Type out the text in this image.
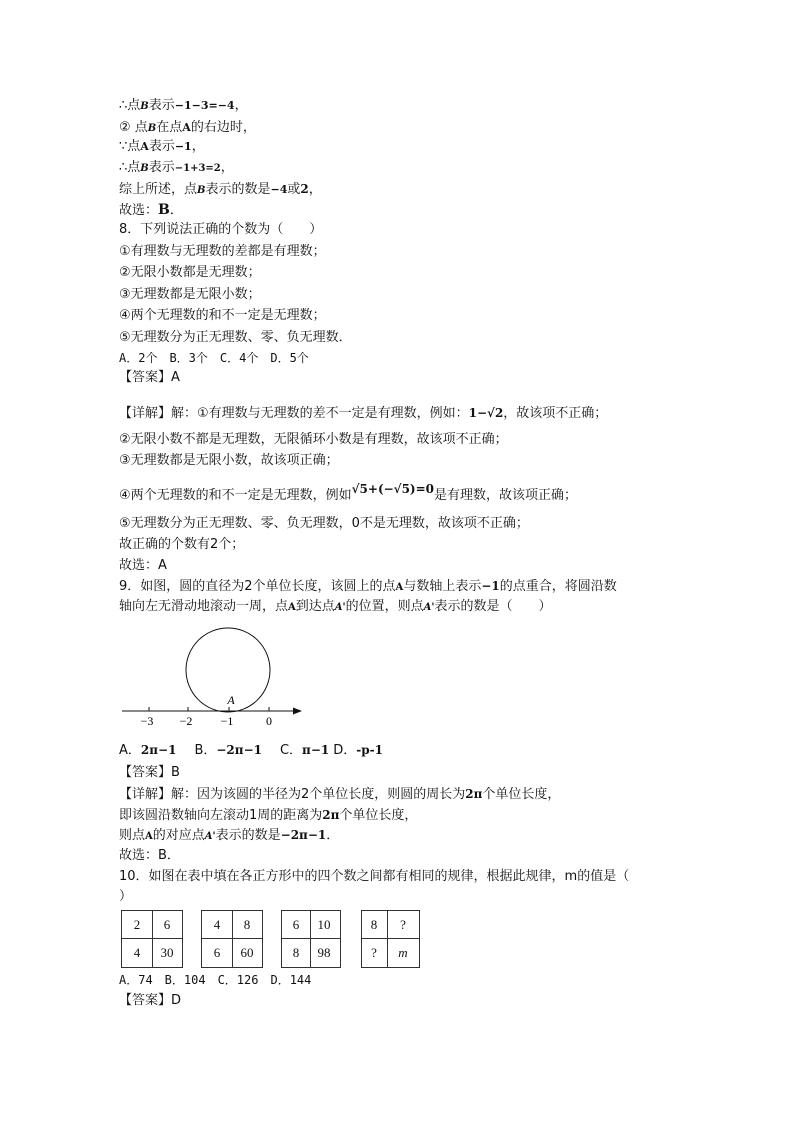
∴点B表示−1−3=−4，
② 点B在点A的右边时，
∵点A表示−1，
∴点B表示−1+3=2，
综上所述，点B表示的数是−4或2，
故选：B．
8．下列说法正确的个数为（　　）
①有理数与无理数的差都是有理数；
②无限小数都是无理数；
③无理数都是无限小数；
④两个无理数的和不一定是无理数；
⑤无理数分为正无理数、零、负无理数．
A．2个　B．3个　C．4个　D．5个
【答案】A
【详解】解：①有理数与无理数的差不一定是有理数，例如：1−√2，故该项不正确；
②无限小数不都是无理数，无限循环小数是有理数，故该项不正确；
③无理数都是无限小数，故该项正确；
④两个无理数的和不一定是无理数，例如√5+(−√5)=0是有理数，故该项正确；
⑤无理数分为正无理数、零、负无理数，0不是无理数，故该项不正确；
故正确的个数有2个；
故选：A
9．如图，圆的直径为2个单位长度，该圆上的点A与数轴上表示−1的点重合，将圆沿数
轴向左无滑动地滚动一周，点A到达点A'的位置，则点A'表示的数是（　　）
−3 −2 −1	0
A
A．2π−1 B．−2π−1 C．π−1 D．-p-1
【答案】B
【详解】解：因为该圆的半径为2个单位长度，则圆的周长为2π个单位长度，
即该圆沿数轴向左滚动1周的距离为2π个单位长度，
则点A的对应点A'表示的数是−2π−1．
故选：B．
10．如图在表中填在各正方形中的四个数之间都有相同的规律，根据此规律，m的值是（
）
2	6
4	30
4	8
6	60
6	10
8	98
8	?
?	m
A．74　B．104　C．126　D．144
【答案】D
